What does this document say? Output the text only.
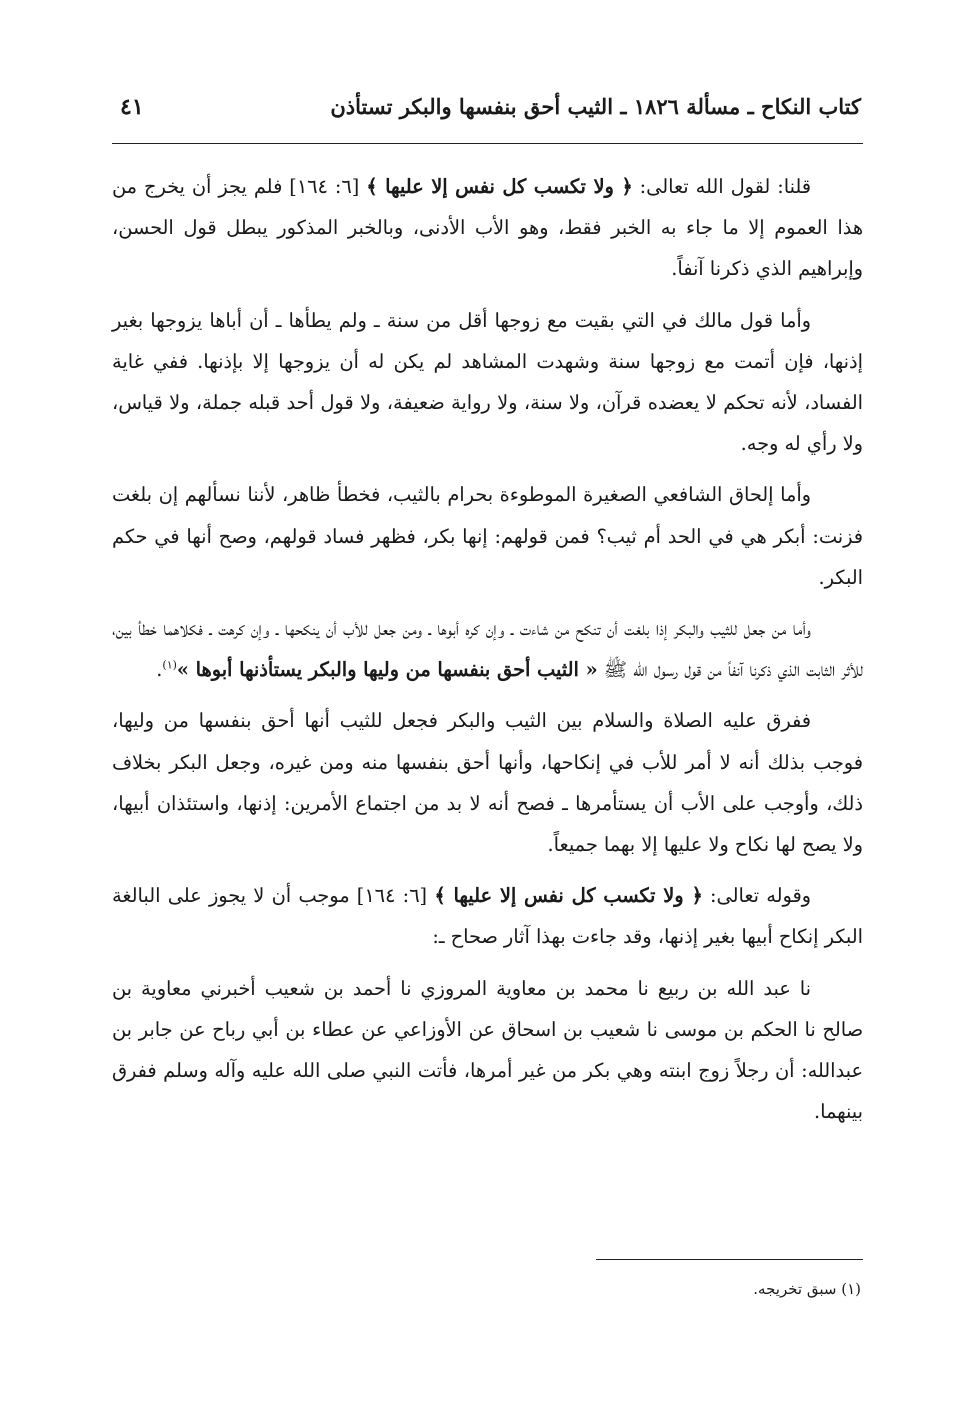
كتاب النكاح ـ مسألة ١٨٢٦ ـ الثيب أحق بنفسها والبكر تستأذن
٤١

قلنا: لقول الله تعالى: ﴿ ولا تكسب كل نفس إلا عليها ﴾ [٦: ١٦٤] فلم يجز أن يخرج من هذا العموم إلا ما جاء به الخبر فقط، وهو الأب الأدنى، وبالخبر المذكور يبطل قول الحسن، وإبراهيم الذي ذكرنا آنفاً.

وأما قول مالك في التي بقيت مع زوجها أقل من سنة ـ ولم يطأها ـ أن أباها يزوجها بغير إذنها، فإن أتمت مع زوجها سنة وشهدت المشاهد لم يكن له أن يزوجها إلا بإذنها. ففي غاية الفساد، لأنه تحكم لا يعضده قرآن، ولا سنة، ولا رواية ضعيفة، ولا قول أحد قبله جملة، ولا قياس، ولا رأي له وجه.

وأما إلحاق الشافعي الصغيرة الموطوءة بحرام بالثيب، فخطأ ظاهر، لأننا نسألهم إن بلغت فزنت: أبكر هي في الحد أم ثيب؟ فمن قولهم: إنها بكر، فظهر فساد قولهم، وصح أنها في حكم البكر.

وأما من جعل للثيب والبكر إذا بلغت أن تنكح من شاءت ـ وإن كره أبوها ـ ومن جعل للأب أن ينكحها ـ وإن كرهت ـ فكلاهما خطأ بين، للأثر الثابت الذي ذكرنا آنفاً من قول رسول الله ﷺ « الثيب أحق بنفسها من وليها والبكر يستأذنها أبوها »$^{(١)}$.

ففرق عليه الصلاة والسلام بين الثيب والبكر فجعل للثيب أنها أحق بنفسها من وليها، فوجب بذلك أنه لا أمر للأب في إنكاحها، وأنها أحق بنفسها منه ومن غيره، وجعل البكر بخلاف ذلك، وأوجب على الأب أن يستأمرها ـ فصح أنه لا بد من اجتماع الأمرين: إذنها، واستئذان أبيها، ولا يصح لها نكاح ولا عليها إلا بهما جميعاً.

وقوله تعالى: ﴿ ولا تكسب كل نفس إلا عليها ﴾ [٦: ١٦٤] موجب أن لا يجوز على البالغة البكر إنكاح أبيها بغير إذنها، وقد جاءت بهذا آثار صحاح ـ:

نا عبد الله بن ربيع نا محمد بن معاوية المروزي نا أحمد بن شعيب أخبرني معاوية بن صالح نا الحكم بن موسى نا شعيب بن اسحاق عن الأوزاعي عن عطاء بن أبي رباح عن جابر بن عبدالله: أن رجلاً زوج ابنته وهي بكر من غير أمرها، فأتت النبي صلى الله عليه وآله وسلم ففرق بينهما.

(١) سبق تخريجه.
